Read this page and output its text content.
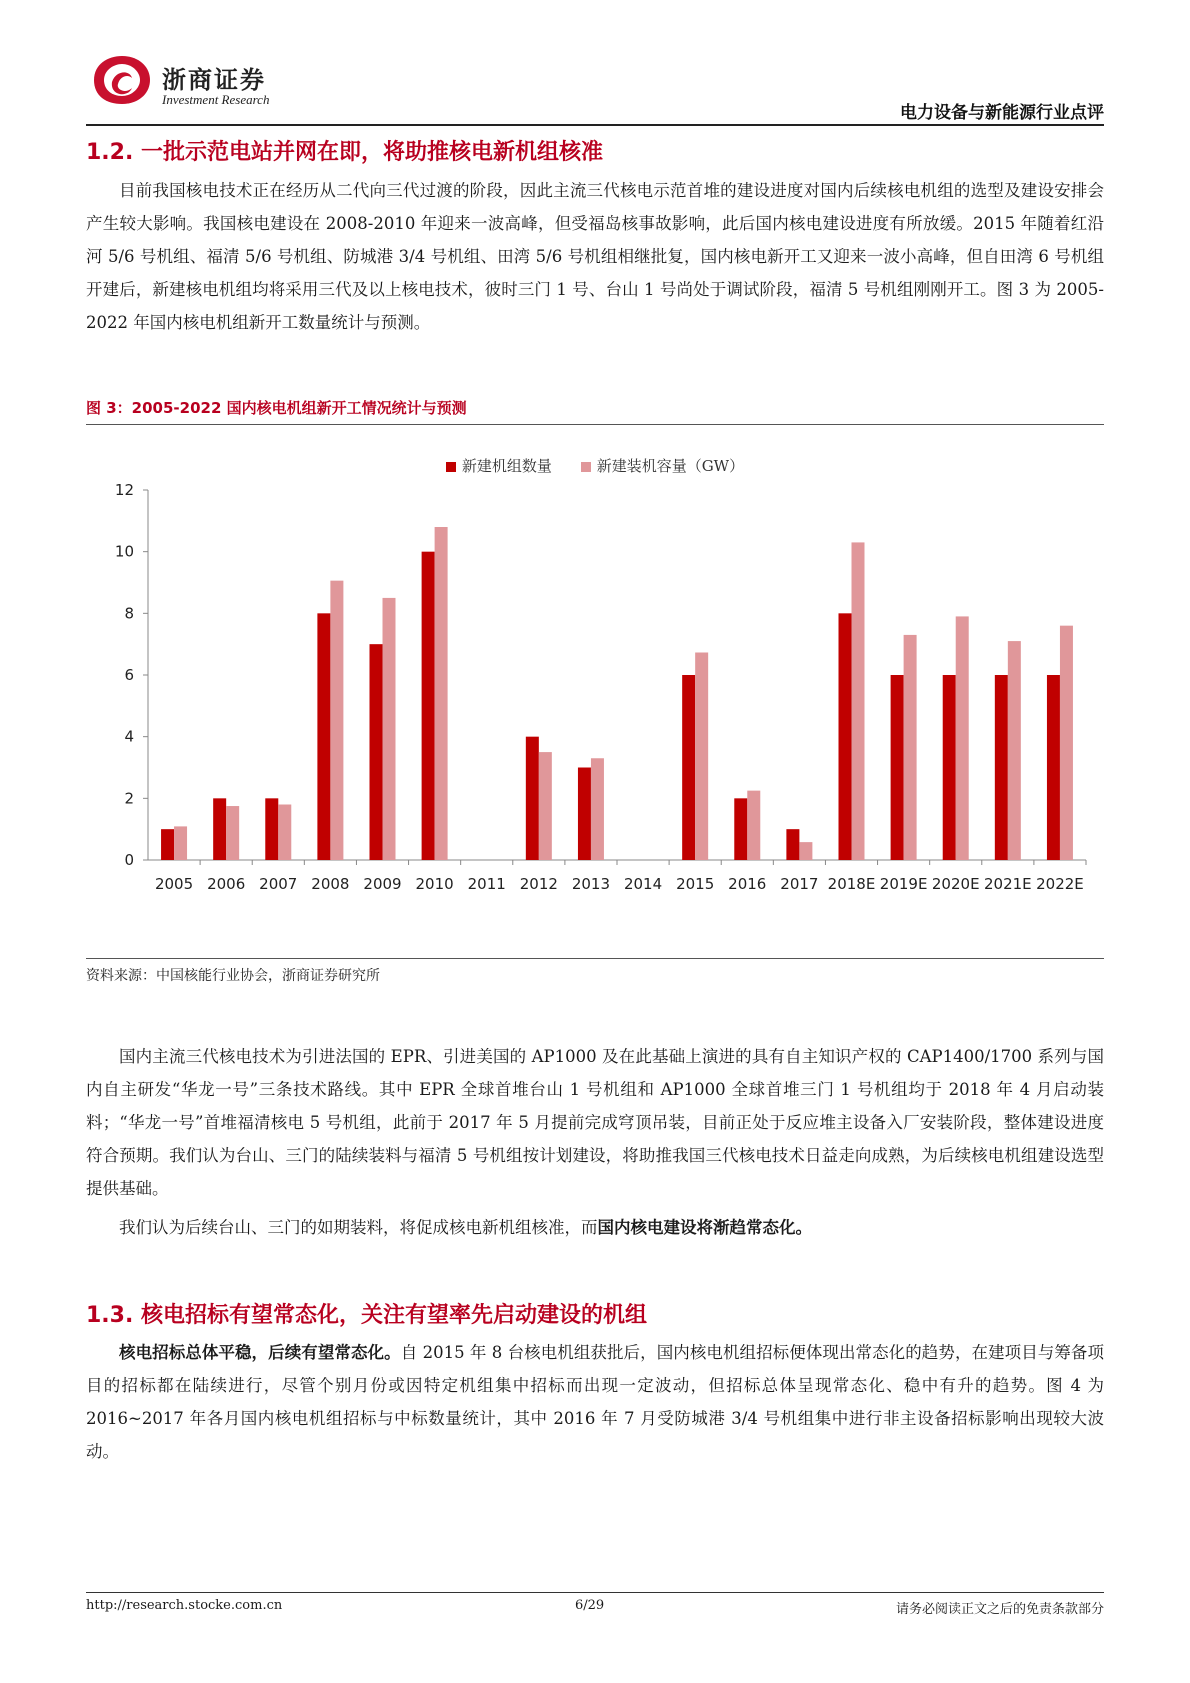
浙商证券
Investment Research
电力设备与新能源行业点评
1.2. 一批示范电站并网在即，将助推核电新机组核准

目前我国核电技术正在经历从二代向三代过渡的阶段，因此主流三代核电示范首堆的建设进度对国内后续核电机组的选型及建设安排会产生较大影响。我国核电建设在 2008-2010 年迎来一波高峰，但受福岛核事故影响，此后国内核电建设进度有所放缓。2015 年随着红沿河 5/6 号机组、福清 5/6 号机组、防城港 3/4 号机组、田湾 5/6 号机组相继批复，国内核电新开工又迎来一波小高峰，但自田湾 6 号机组开建后，新建核电机组均将采用三代及以上核电技术，彼时三门 1 号、台山 1 号尚处于调试阶段，福清 5 号机组刚刚开工。图 3 为 2005-2022 年国内核电机组新开工数量统计与预测。

图 3：2005-2022 国内核电机组新开工情况统计与预测
新建机组数量	新建装机容量（GW）
0
2
4
6
8
10
12
2005 2006 2007 2008 2009 2010 2011 2012 2013 2014 2015 2016 2017 2018E 2019E 2020E 2021E 2022E
资料来源：中国核能行业协会，浙商证券研究所

国内主流三代核电技术为引进法国的 EPR、引进美国的 AP1000 及在此基础上演进的具有自主知识产权的 CAP1400/1700 系列与国内自主研发“华龙一号”三条技术路线。其中 EPR 全球首堆台山 1 号机组和 AP1000 全球首堆三门 1 号机组均于 2018 年 4 月启动装料；“华龙一号”首堆福清核电 5 号机组，此前于 2017 年 5 月提前完成穹顶吊装，目前正处于反应堆主设备入厂安装阶段，整体建设进度符合预期。我们认为台山、三门的陆续装料与福清 5 号机组按计划建设，将助推我国三代核电技术日益走向成熟，为后续核电机组建设选型提供基础。

我们认为后续台山、三门的如期装料，将促成核电新机组核准，而国内核电建设将渐趋常态化。

1.3. 核电招标有望常态化，关注有望率先启动建设的机组

核电招标总体平稳，后续有望常态化。自 2015 年 8 台核电机组获批后，国内核电机组招标便体现出常态化的趋势，在建项目与筹备项目的招标都在陆续进行，尽管个别月份或因特定机组集中招标而出现一定波动，但招标总体呈现常态化、稳中有升的趋势。图 4 为 2016~2017 年各月国内核电机组招标与中标数量统计，其中 2016 年 7 月受防城港 3/4 号机组集中进行非主设备招标影响出现较大波动。

http://research.stocke.com.cn	6/29	请务必阅读正文之后的免责条款部分
